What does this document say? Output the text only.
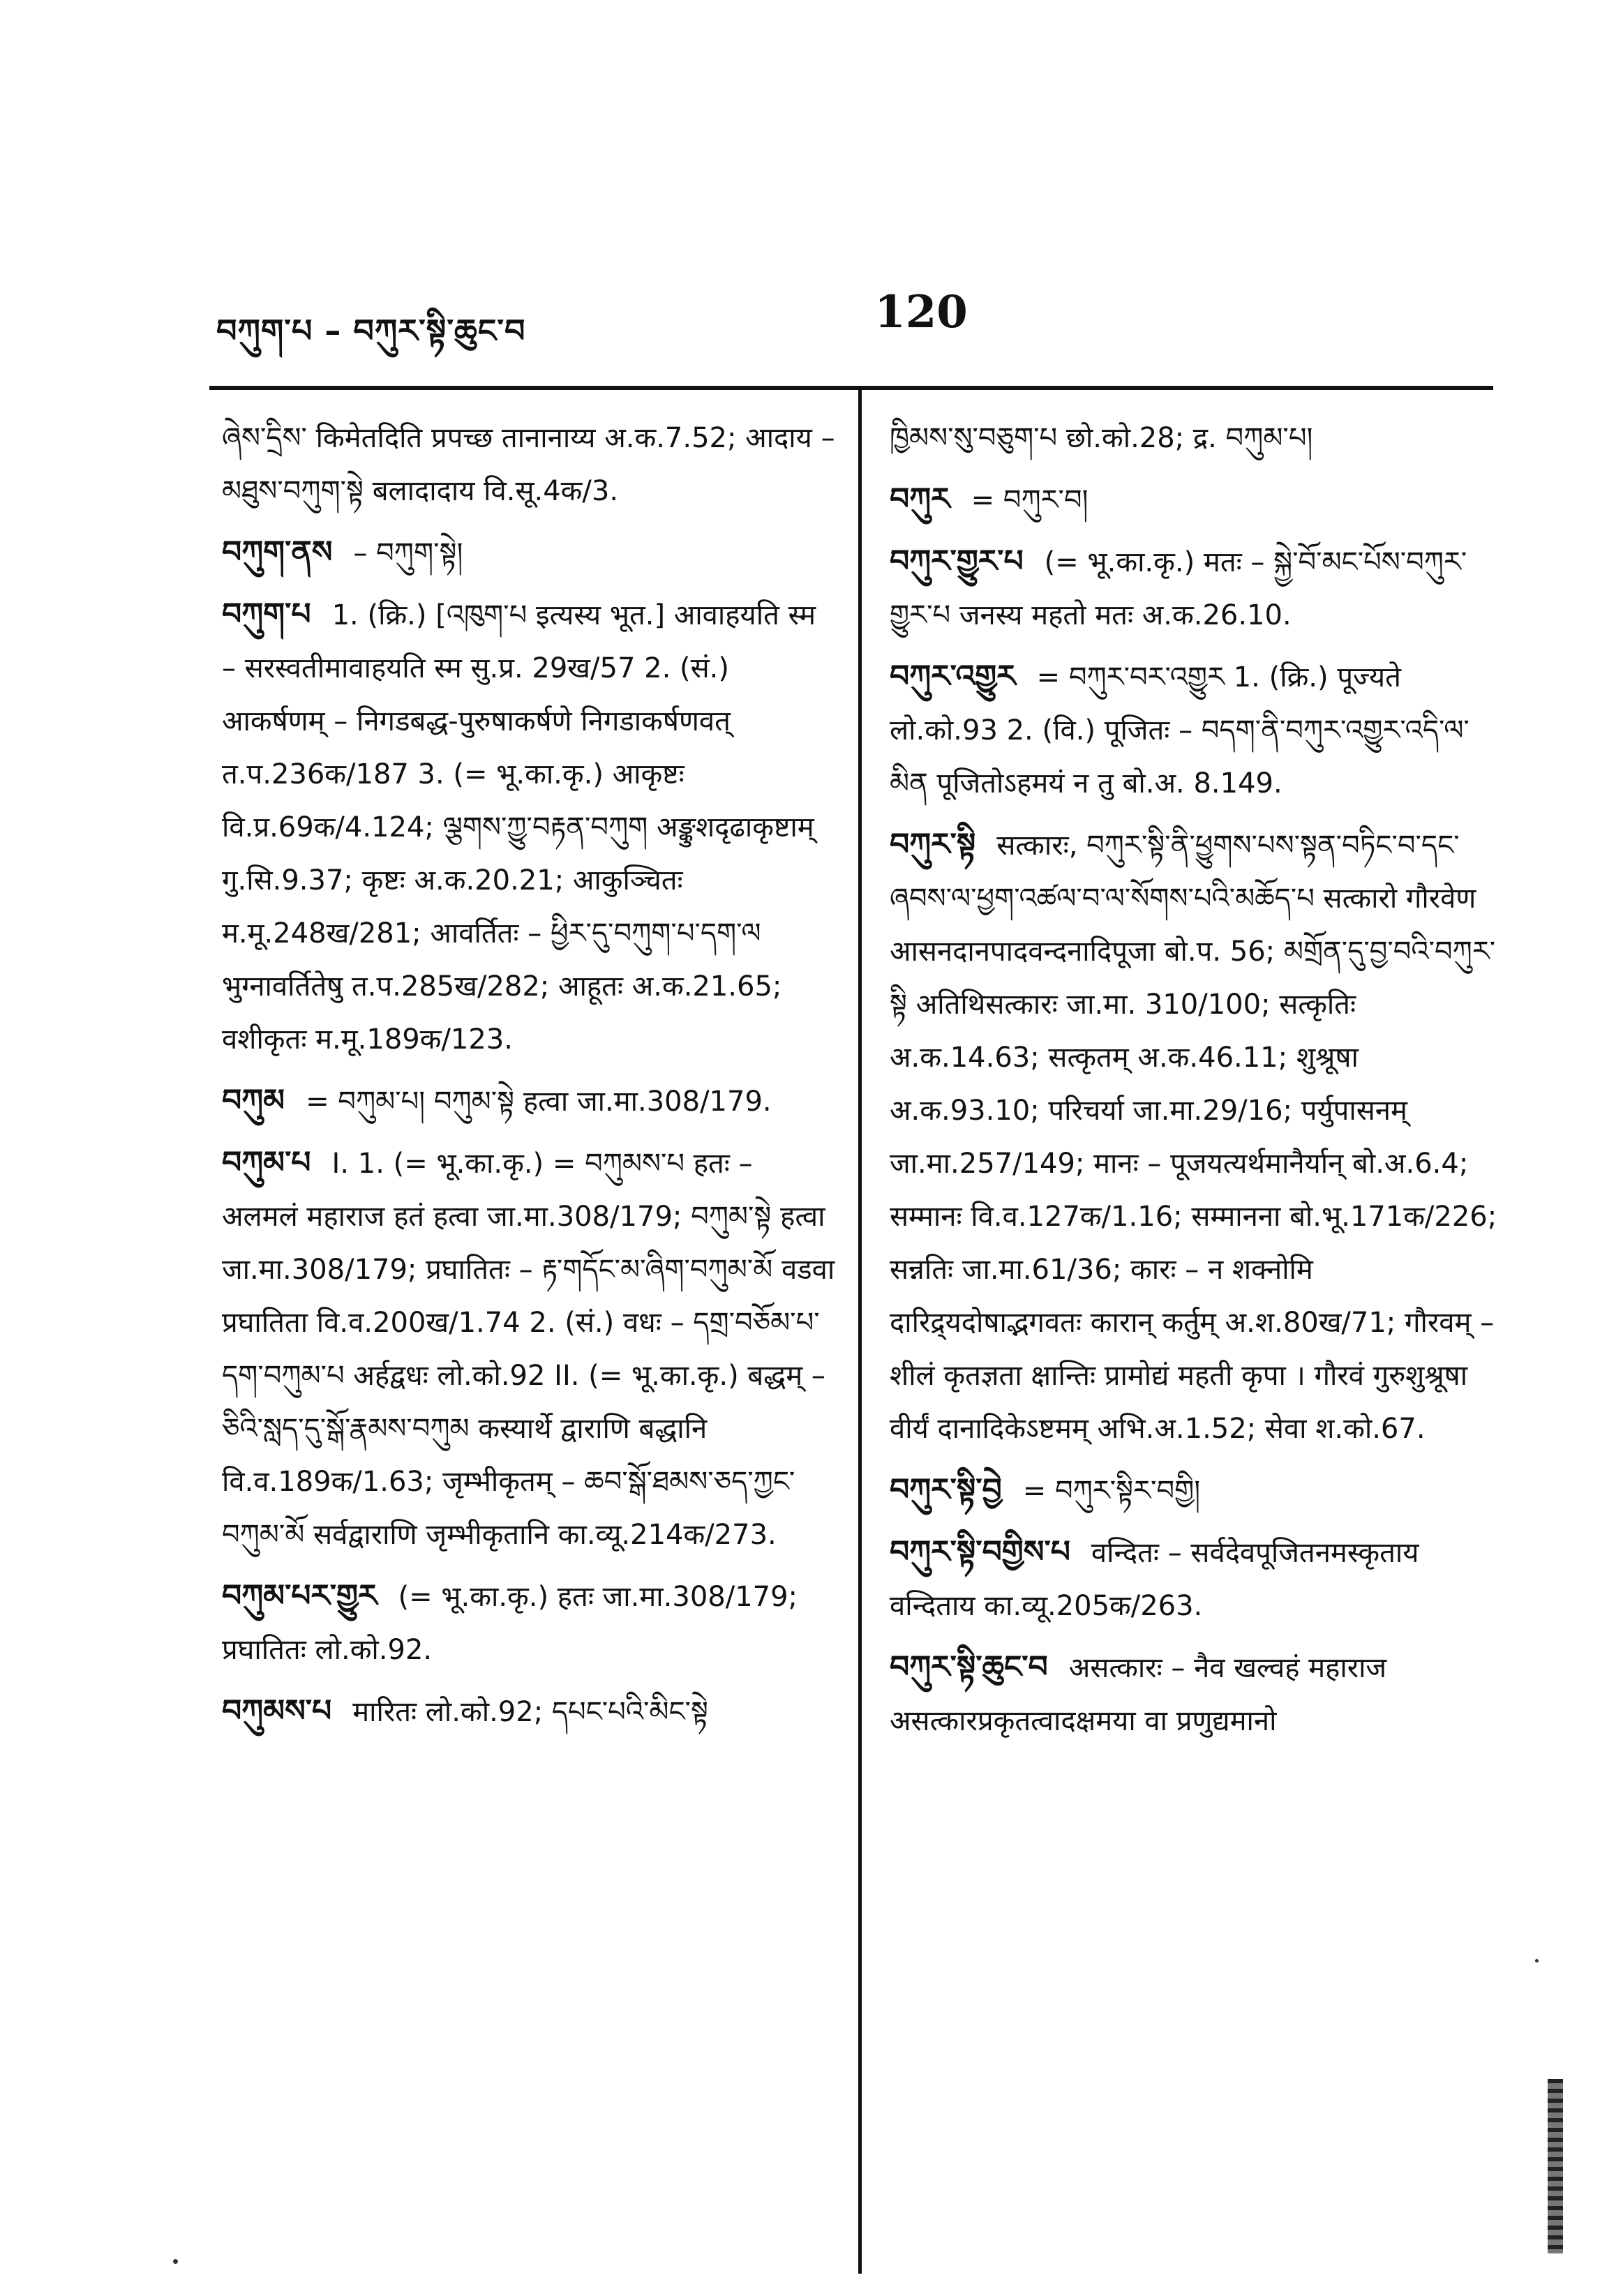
བཀུག་པ – བཀུར་སྟི་ཆུང་བ	120

ཞེས་དྲིས་ किमेतदिति प्रपच्छ तानानाय्य अ.क.7.52; आदाय – མཐུས་བཀུག་སྟེ बलादादाय वि.सू.4क/3.

བཀུག་ནས – བཀུག་སྟེ།

བཀུག་པ 1. (क्रि.) [འཁུག་པ इत्यस्य भूत.] आवाहयति स्म – सरस्वतीमावाहयति स्म सु.प्र. 29ख/57 2. (सं.) आकर्षणम् – निगडबद्ध-पुरुषाकर्षणे निगडाकर्षणवत् त.प.236क/187 3. (= भू.का.कृ.) आकृष्टः वि.प्र.69क/4.124; ལྕགས་ཀྱུ་བརྟན་བཀུག अङ्कुशदृढाकृष्टाम् गु.सि.9.37; कृष्टः अ.क.20.21; आकुञ्चितः म.मू.248ख/281; आवर्तितः – ཕྱིར་དུ་བཀུག་པ་དག་ལ भुग्नावर्तितेषु त.प.285ख/282; आहूतः अ.क.21.65; वशीकृतः म.मू.189क/123.

བཀུམ = བཀུམ་པ། བཀུམ་སྟེ हत्वा जा.मा.308/179.

བཀུམ་པ I. 1. (= भू.का.कृ.) = བཀུམས་པ हतः – अलमलं महाराज हतं हत्वा जा.मा.308/179; བཀུམ་སྟེ हत्वा जा.मा.308/179; प्रघातितः – རྟ་གདོང་མ་ཞིག་བཀུམ་མོ वडवा प्रघातिता वि.व.200ख/1.74 2. (सं.) वधः – དགྲ་བཅོམ་པ་དག་བཀུམ་པ अर्हद्वधः लो.को.92 II. (= भू.का.कृ.) बद्धम् – ཅིའི་སླད་དུ་སྒོ་རྣམས་བཀུམ कस्यार्थे द्वाराणि बद्धानि वि.व.189क/1.63; जृम्भीकृतम् – ཆབ་སྒོ་ཐམས་ཅད་ཀྱང་བཀུམ་མོ सर्वद्वाराणि जृम्भीकृतानि का.व्यू.214क/273.

བཀུམ་པར་གྱུར (= भू.का.कृ.) हतः जा.मा.308/179; प्रघातितः लो.को.92.

བཀུམས་པ मारितः लो.को.92; དཔང་པའི་མིང་སྟེ

ཁྱིམས་སུ་བཅུག་པ छो.को.28; द्र. བཀུམ་པ།

བཀུར = བཀུར་བ།

བཀུར་གྱུར་པ (= भू.का.कृ.) मतः – སྐྱེ་བོ་མང་པོས་བཀུར་གྱུར་པ जनस्य महतो मतः अ.क.26.10.

བཀུར་འགྱུར = བཀུར་བར་འགྱུར 1. (क्रि.) पूज्यते लो.को.93 2. (वि.) पूजितः – བདག་ནི་བཀུར་འགྱུར་འདི་ལ་མིན पूजितोऽहमयं न तु बो.अ. 8.149.

བཀུར་སྟི सत्कारः, བཀུར་སྟི་ནི་ཕྱུགས་པས་སྟན་བཏིང་བ་དང་ཞབས་ལ་ཕྱག་འཚལ་བ་ལ་སོགས་པའི་མཆོད་པ सत्कारो गौरवेण आसनदानपादवन्दनादिपूजा बो.प. 56; མགྲོན་དུ་བྱ་བའི་བཀུར་སྟི अतिथिसत्कारः जा.मा. 310/100; सत्कृतिः अ.क.14.63; सत्कृतम् अ.क.46.11; शुश्रूषा अ.क.93.10; परिचर्या जा.मा.29/16; पर्युपासनम् जा.मा.257/149; मानः – पूजयत्यर्थमानैर्यान् बो.अ.6.4; सम्मानः वि.व.127क/1.16; सम्मानना बो.भू.171क/226; सन्नतिः जा.मा.61/36; कारः – न शक्नोमि दारिद्र्यदोषाद्भगवतः कारान् कर्तुम् अ.श.80ख/71; गौरवम् – शीलं कृतज्ञता क्षान्तिः प्रामोद्यं महती कृपा । गौरवं गुरुशुश्रूषा वीर्यं दानादिकेऽष्टमम् अभि.अ.1.52; सेवा श.को.67.

བཀུར་སྟི་བྱེ = བཀུར་སྟིར་བགྱི།

བཀུར་སྟི་བགྱིས་པ वन्दितः – सर्वदेवपूजितनमस्कृताय वन्दिताय का.व्यू.205क/263.

བཀུར་སྟི་ཆུང་བ असत्कारः – नैव खल्वहं महाराज असत्कारप्रकृतत्वादक्षमया वा प्रणुद्यमानो
